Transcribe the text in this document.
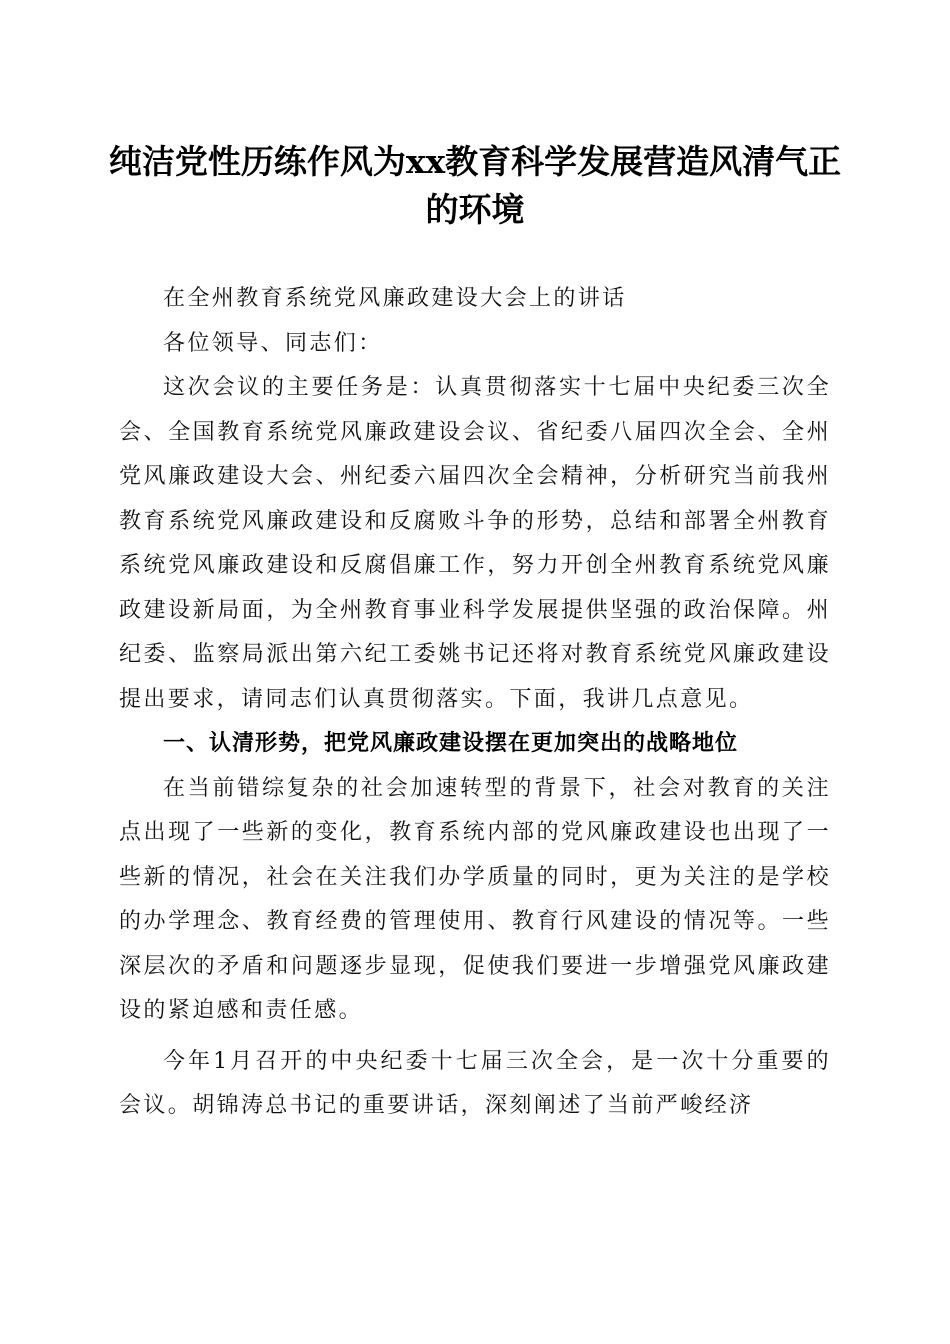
纯洁党性历练作风为xx教育科学发展营造风清气正的环境

在全州教育系统党风廉政建设大会上的讲话

各位领导、同志们：

这次会议的主要任务是：认真贯彻落实十七届中央纪委三次全会、全国教育系统党风廉政建设会议、省纪委八届四次全会、全州党风廉政建设大会、州纪委六届四次全会精神，分析研究当前我州教育系统党风廉政建设和反腐败斗争的形势，总结和部署全州教育系统党风廉政建设和反腐倡廉工作，努力开创全州教育系统党风廉政建设新局面，为全州教育事业科学发展提供坚强的政治保障。州纪委、监察局派出第六纪工委姚书记还将对教育系统党风廉政建设提出要求，请同志们认真贯彻落实。下面，我讲几点意见。

一、认清形势，把党风廉政建设摆在更加突出的战略地位

在当前错综复杂的社会加速转型的背景下，社会对教育的关注点出现了一些新的变化，教育系统内部的党风廉政建设也出现了一些新的情况，社会在关注我们办学质量的同时，更为关注的是学校的办学理念、教育经费的管理使用、教育行风建设的情况等。一些深层次的矛盾和问题逐步显现，促使我们要进一步增强党风廉政建设的紧迫感和责任感。

今年1月召开的中央纪委十七届三次全会，是一次十分重要的会议。胡锦涛总书记的重要讲话，深刻阐述了当前严峻经济
